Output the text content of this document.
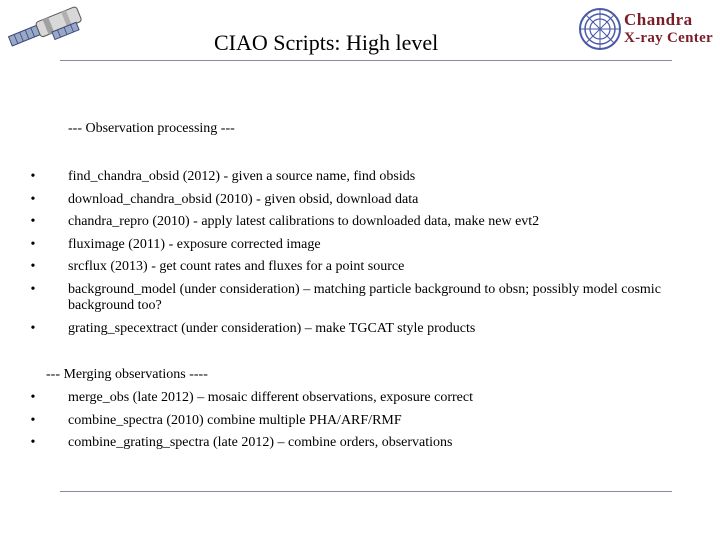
Chandra
X-ray Center
CIAO Scripts: High level
--- Observation processing ---
• find_chandra_obsid (2012) - given a source name, find obsids
• download_chandra_obsid (2010) - given obsid, download data
• chandra_repro (2010) - apply latest calibrations to downloaded data, make new evt2
• fluximage (2011) - exposure corrected image
• srcflux (2013) - get count rates and fluxes for a point source
• background_model (under consideration) – matching particle background to obsn; possibly model cosmic background too?
• grating_specextract (under consideration) – make TGCAT style products
--- Merging observations ----
• merge_obs (late 2012) – mosaic different observations, exposure correct
• combine_spectra (2010) combine multiple PHA/ARF/RMF
• combine_grating_spectra (late 2012) – combine orders, observations
